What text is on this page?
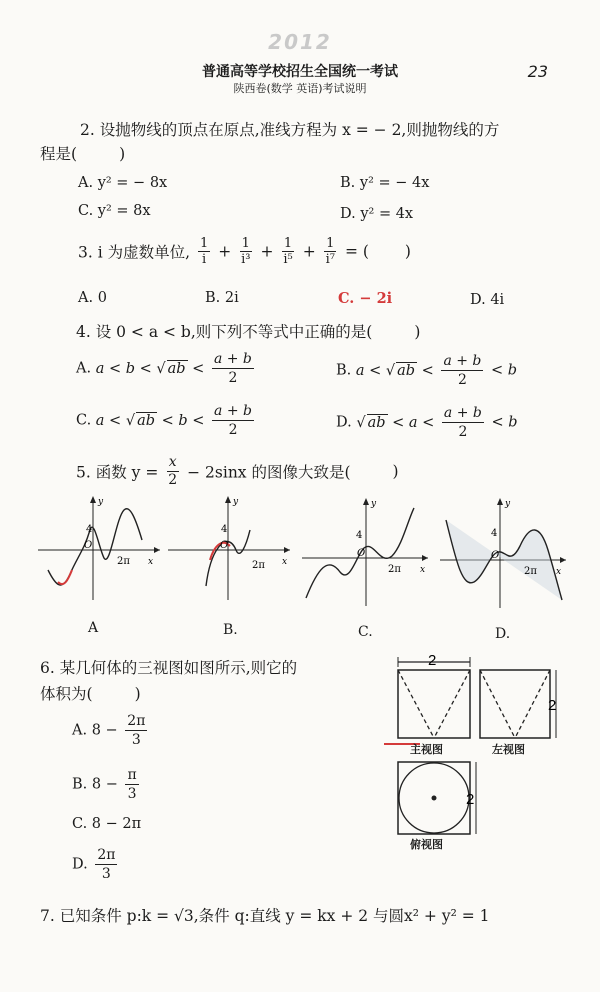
2012
普通高等学校招生全国统一考试
陕西卷(数学 英语)考试说明
23
2. 设抛物线的顶点在原点,准线方程为 x = − 2,则抛物线的方
程是(	)
A. y² = − 8x	B. y² = − 4x
C. y² = 8x	D. y² = 4x
3. i 为虚数单位, $\frac{1}{i} + \frac{1}{\text{i³}} + \frac{1}{\text{i⁵}} + \frac{1}{\text{i⁷}}$ = ( )
A. 0	B. 2i	C. − 2i	D. 4i
4. 设 0 < a < b,则下列不等式中正确的是(	)
A. a < b < √ ab < $\frac{a + b}{2}$	B. a < √ ab < $\frac{a + b}{2} < b$
C. a < √ ab < $b < \frac{a + b}{2}$	D. √ ab < $a < \frac{a + b}{2} < b$
5. 函数 $y = \frac{x}{2} - 2\sin x$ 的图像大致是(	)
y
4
O
2π x
y
4
O
2π x
y
4
O
2π x
y
4
O
2π x
A	B.	C.	D.
6. 某几何体的三视图如图所示,则它的
体积为(	)
A. $8 - \frac{2\pi}{3}$
B. $8 - \frac{\pi}{3}$
C. 8 − 2π
D. $\frac{2\pi}{3}$
2
2
2
主视图	左视图
俯视图
7. 已知条件 p:k = √3,条件 q:直线 y = kx + 2 与圆x² + y² = 1
